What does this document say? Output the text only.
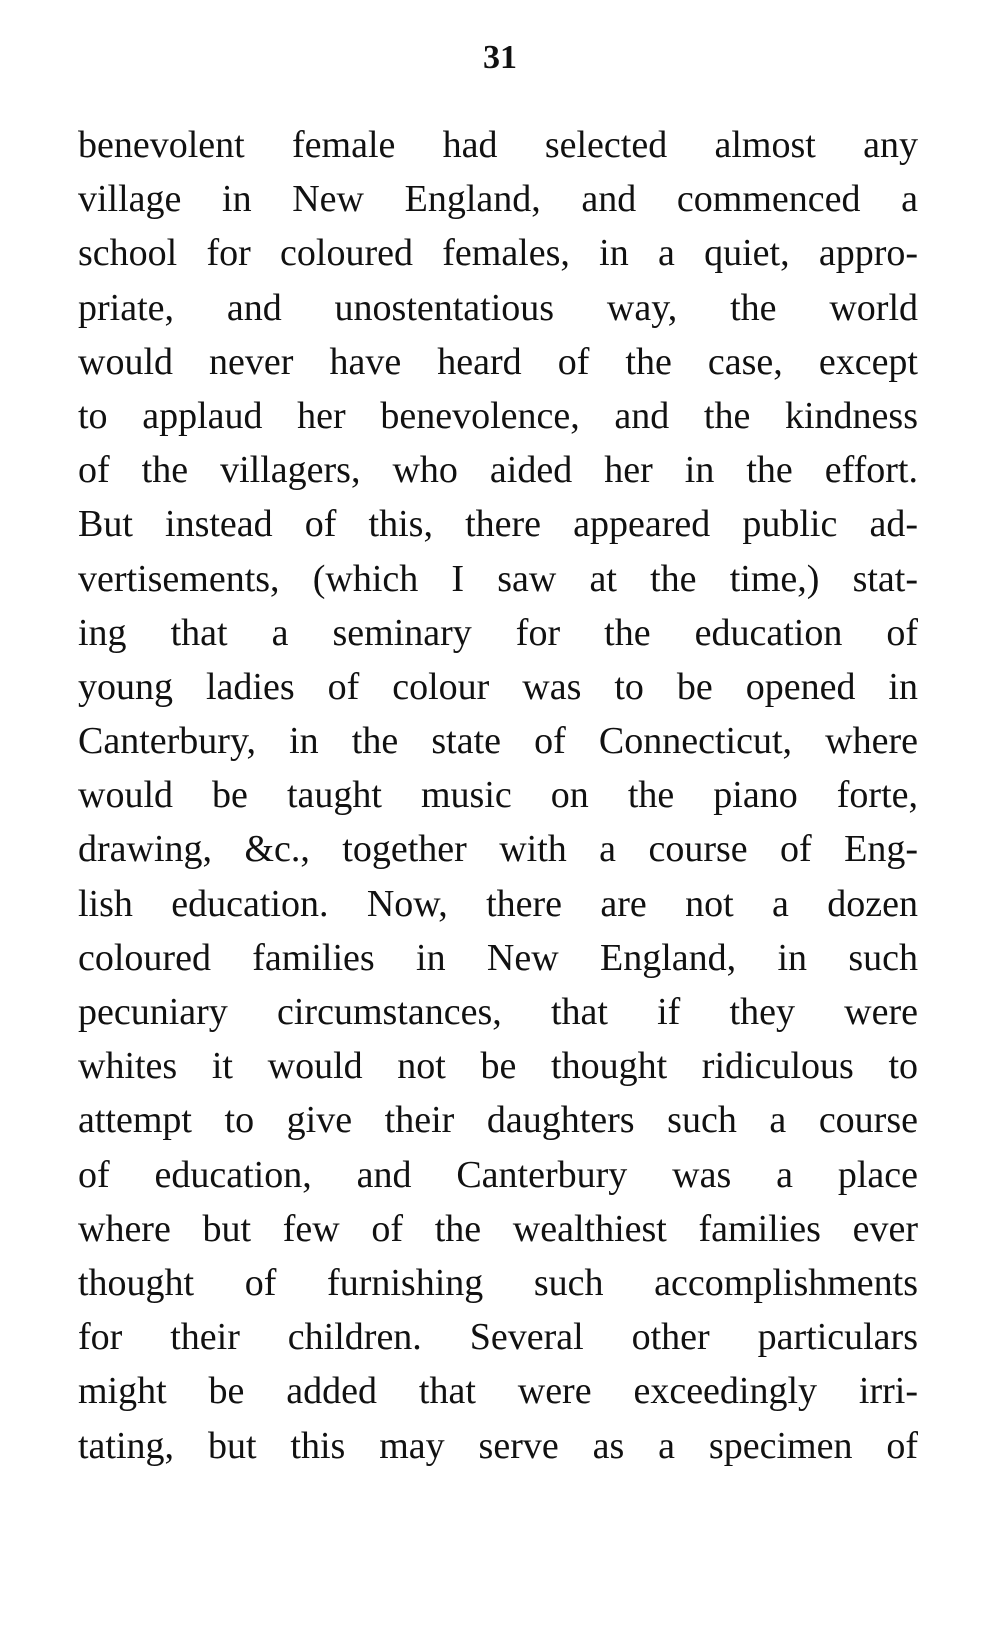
31
benevolent female had selected almost any
village in New England, and commenced a
school for coloured females, in a quiet, appro-
priate, and unostentatious way, the world
would never have heard of the case, except
to applaud her benevolence, and the kindness
of the villagers, who aided her in the effort.
But instead of this, there appeared public ad-
vertisements, (which I saw at the time,) stat-
ing that a seminary for the education of
young ladies of colour was to be opened in
Canterbury, in the state of Connecticut, where
would be taught music on the piano forte,
drawing, &c., together with a course of Eng-
lish education. Now, there are not a dozen
coloured families in New England, in such
pecuniary circumstances, that if they were
whites it would not be thought ridiculous to
attempt to give their daughters such a course
of education, and Canterbury was a place
where but few of the wealthiest families ever
thought of furnishing such accomplishments
for their children. Several other particulars
might be added that were exceedingly irri-
tating, but this may serve as a specimen of
